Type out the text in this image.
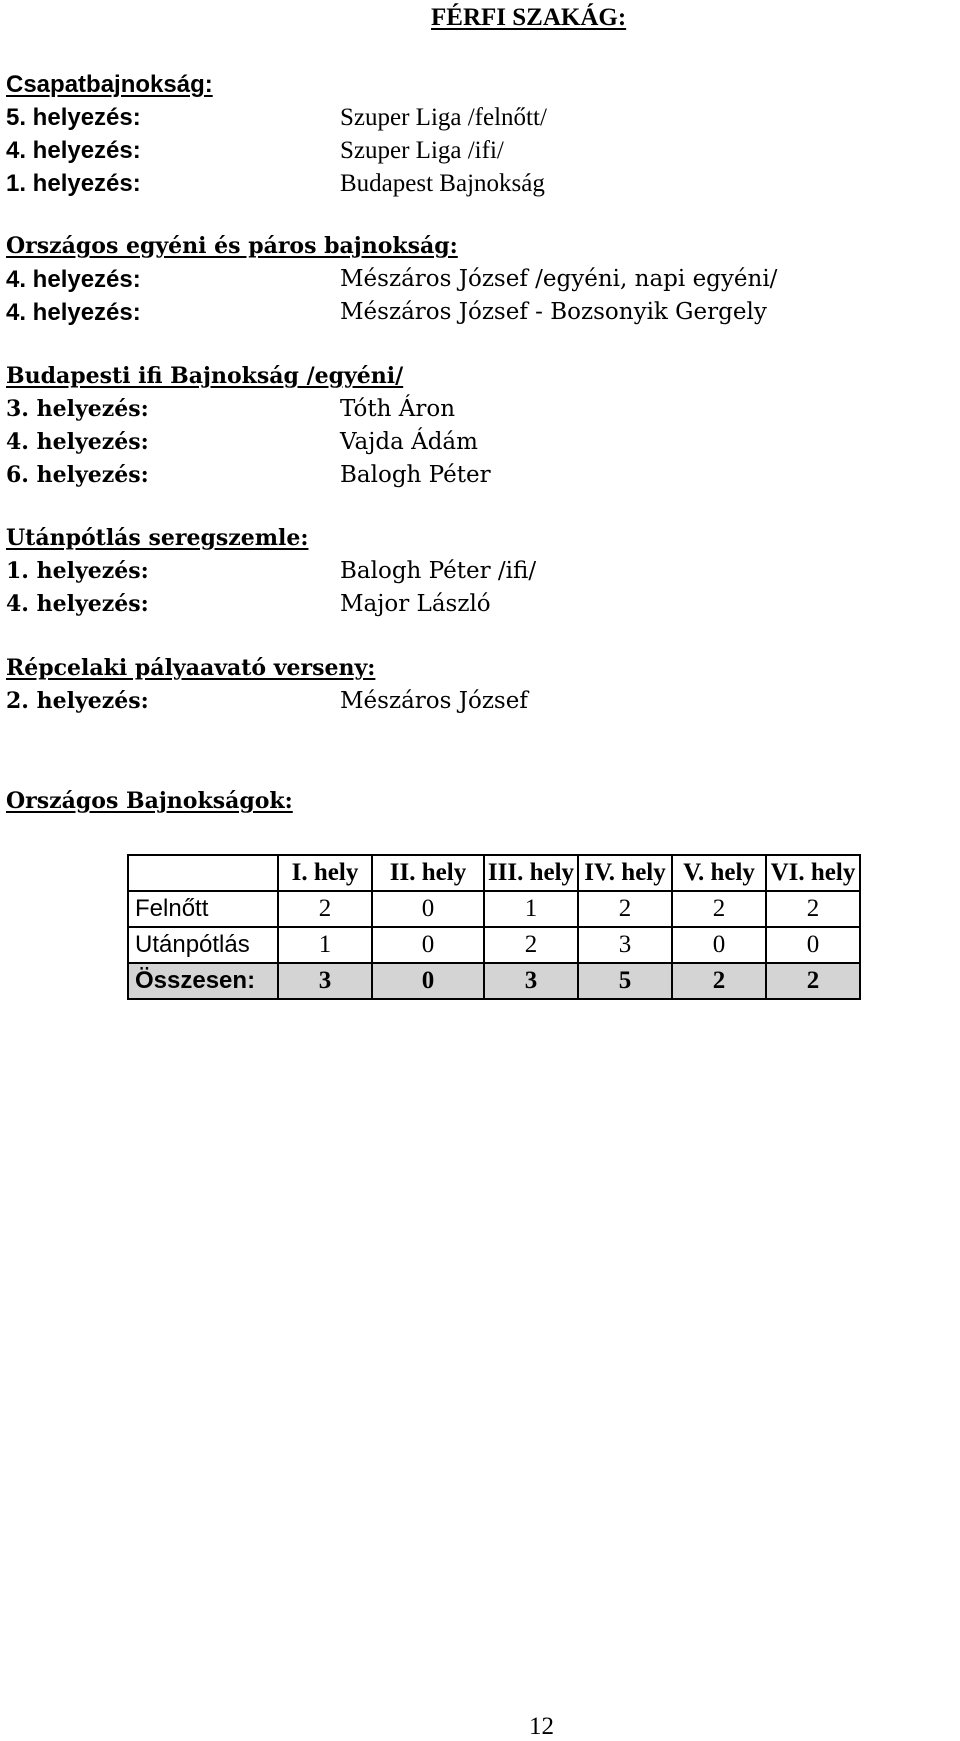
FÉRFI SZAKÁG:
Csapatbajnokság:
5. helyezés:	Szuper Liga /felnőtt/
4. helyezés:	Szuper Liga /ifi/
1. helyezés:	Budapest Bajnokság
Országos egyéni és páros bajnokság:
4. helyezés:	Mészáros József /egyéni, napi egyéni/
4. helyezés:	Mészáros József - Bozsonyik Gergely
Budapesti ifi Bajnokság /egyéni/
3. helyezés:	Tóth Áron
4. helyezés:	Vajda Ádám
6. helyezés:	Balogh Péter
Utánpótlás seregszemle:
1. helyezés:	Balogh Péter /ifi/
4. helyezés:	Major László
Répcelaki pályaavató verseny:
2. helyezés:	Mészáros József
Országos Bajnokságok:
	I. hely	II. hely	III. hely	IV. hely	V. hely	VI. hely
Felnőtt	2	0	1	2	2	2
Utánpótlás	1	0	2	3	0	0
Összesen:	3	0	3	5	2	2
12
